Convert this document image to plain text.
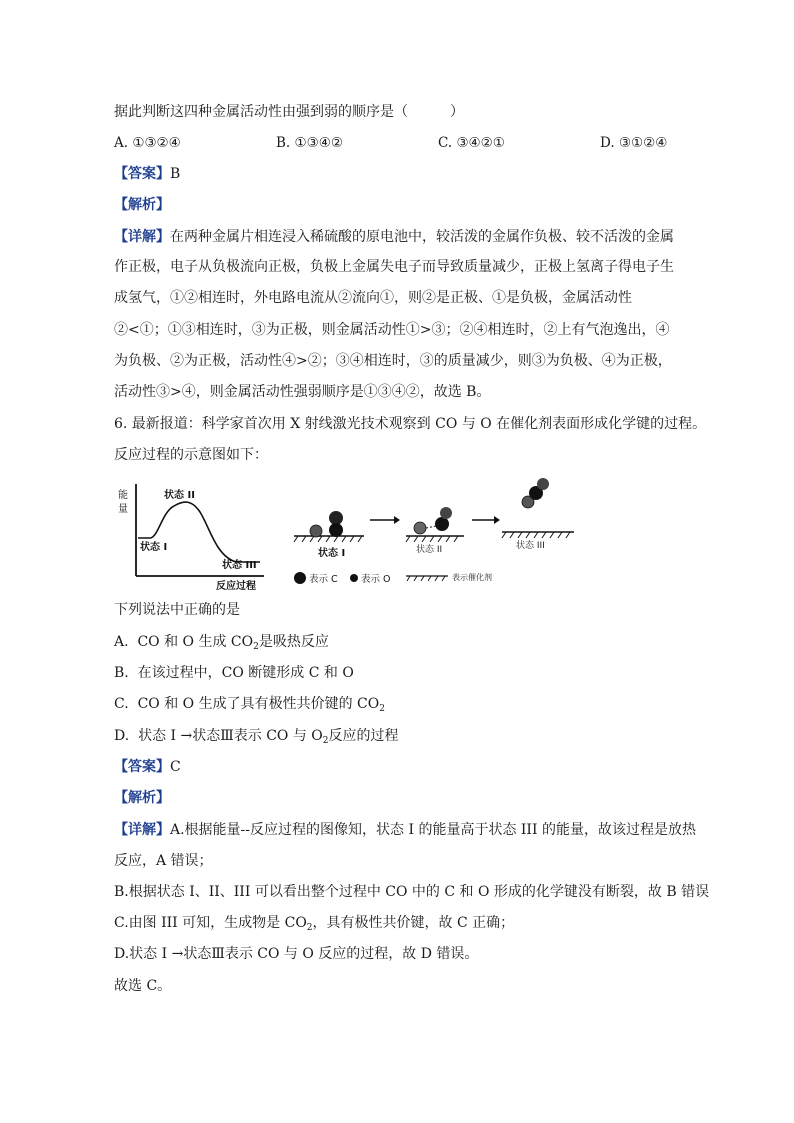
据此判断这四种金属活动性由强到弱的顺序是（　　　）
A. ①③②④	B. ①③④②	C. ③④②①	D. ③①②④
【答案】B
【解析】
【详解】在两种金属片相连浸入稀硫酸的原电池中，较活泼的金属作负极、较不活泼的金属
作正极，电子从负极流向正极，负极上金属失电子而导致质量减少，正极上氢离子得电子生
成氢气，①②相连时，外电路电流从②流向①，则②是正极、①是负极，金属活动性
②<①；①③相连时，③为正极，则金属活动性①>③；②④相连时，②上有气泡逸出，④
为负极、②为正极，活动性④>②；③④相连时，③的质量减少，则③为负极、④为正极，
活动性③>④，则金属活动性强弱顺序是①③④②，故选 B。
6. 最新报道：科学家首次用 X 射线激光技术观察到 CO 与 O 在催化剂表面形成化学键的过程。
反应过程的示意图如下：
能
量
状态 II
状态 I
状态 III
反应过程
状态 I	状态 II	状态 III
表示 C 表示 O	表示催化剂
下列说法中正确的是
A. CO 和 O 生成 $CO_2$是吸热反应
B. 在该过程中，CO 断键形成 C 和 O
C. CO 和 O 生成了具有极性共价键的 $CO_2$
D. 状态 I →状态Ⅲ表示 CO 与 $O_2$反应的过程
【答案】C
【解析】
【详解】A.根据能量--反应过程的图像知，状态 I 的能量高于状态 III 的能量，故该过程是放热
反应，A 错误；
B.根据状态 I、II、III 可以看出整个过程中 CO 中的 C 和 O 形成的化学键没有断裂，故 B 错误
C.由图 III 可知，生成物是 $CO_2$，具有极性共价键，故 C 正确；
D.状态 I →状态Ⅲ表示 CO 与 O 反应的过程，故 D 错误。
故选 C。
